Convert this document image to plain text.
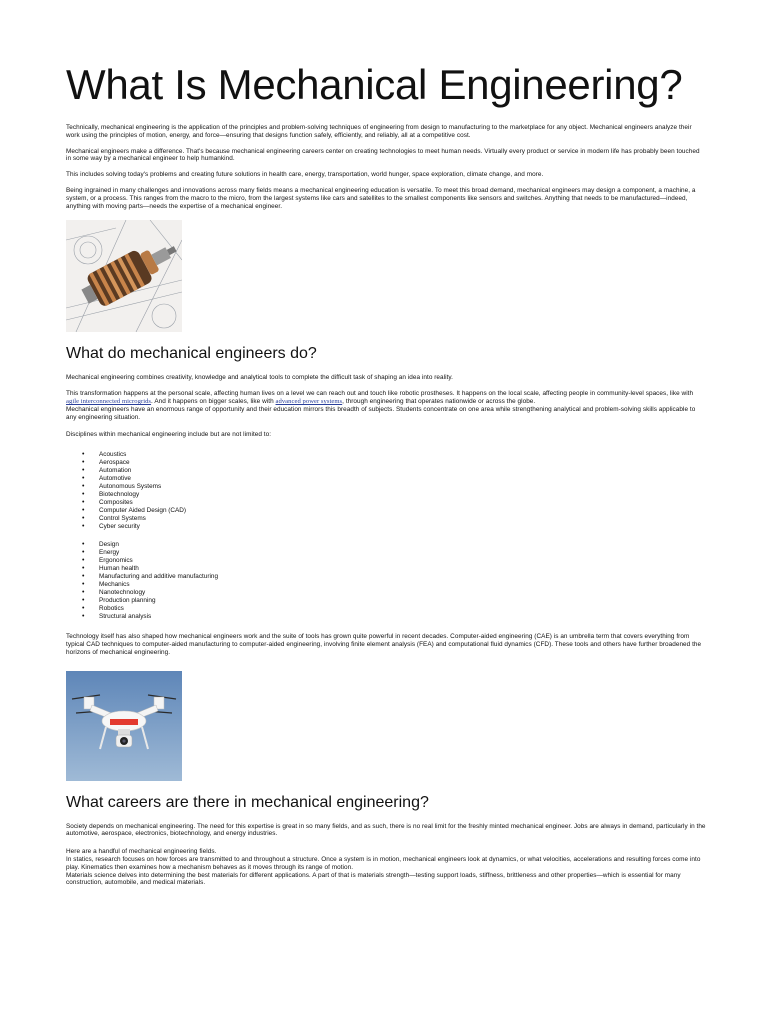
What Is Mechanical Engineering?

Technically, mechanical engineering is the application of the principles and problem-solving techniques of engineering from design to manufacturing to the marketplace for any object. Mechanical engineers analyze their work using the principles of motion, energy, and force—ensuring that designs function safely, efficiently, and reliably, all at a competitive cost.

Mechanical engineers make a difference. That's because mechanical engineering careers center on creating technologies to meet human needs. Virtually every product or service in modern life has probably been touched in some way by a mechanical engineer to help humankind.

This includes solving today's problems and creating future solutions in health care, energy, transportation, world hunger, space exploration, climate change, and more.

Being ingrained in many challenges and innovations across many fields means a mechanical engineering education is versatile. To meet this broad demand, mechanical engineers may design a component, a machine, a system, or a process. This ranges from the macro to the micro, from the largest systems like cars and satellites to the smallest components like sensors and switches. Anything that needs to be manufactured—indeed, anything with moving parts—needs the expertise of a mechanical engineer.

What do mechanical engineers do?

Mechanical engineering combines creativity, knowledge and analytical tools to complete the difficult task of shaping an idea into reality.

This transformation happens at the personal scale, affecting human lives on a level we can reach out and touch like robotic prostheses. It happens on the local scale, affecting people in community-level spaces, like with agile interconnected microgrids. And it happens on bigger scales, like with advanced power systems, through engineering that operates nationwide or across the globe.

Mechanical engineers have an enormous range of opportunity and their education mirrors this breadth of subjects. Students concentrate on one area while strengthening analytical and problem-solving skills applicable to any engineering situation.

Disciplines within mechanical engineering include but are not limited to:

• Acoustics
• Aerospace
• Automation
• Automotive
• Autonomous Systems
• Biotechnology
• Composites
• Computer Aided Design (CAD)
• Control Systems
• Cyber security
• Design
• Energy
• Ergonomics
• Human health
• Manufacturing and additive manufacturing
• Mechanics
• Nanotechnology
• Production planning
• Robotics
• Structural analysis

Technology itself has also shaped how mechanical engineers work and the suite of tools has grown quite powerful in recent decades. Computer-aided engineering (CAE) is an umbrella term that covers everything from typical CAD techniques to computer-aided manufacturing to computer-aided engineering, involving finite element analysis (FEA) and computational fluid dynamics (CFD). These tools and others have further broadened the horizons of mechanical engineering.

What careers are there in mechanical engineering?

Society depends on mechanical engineering. The need for this expertise is great in so many fields, and as such, there is no real limit for the freshly minted mechanical engineer. Jobs are always in demand, particularly in the automotive, aerospace, electronics, biotechnology, and energy industries.

Here are a handful of mechanical engineering fields.

In statics, research focuses on how forces are transmitted to and throughout a structure. Once a system is in motion, mechanical engineers look at dynamics, or what velocities, accelerations and resulting forces come into play. Kinematics then examines how a mechanism behaves as it moves through its range of motion.

Materials science delves into determining the best materials for different applications. A part of that is materials strength—testing support loads, stiffness, brittleness and other properties—which is essential for many construction, automobile, and medical materials.
